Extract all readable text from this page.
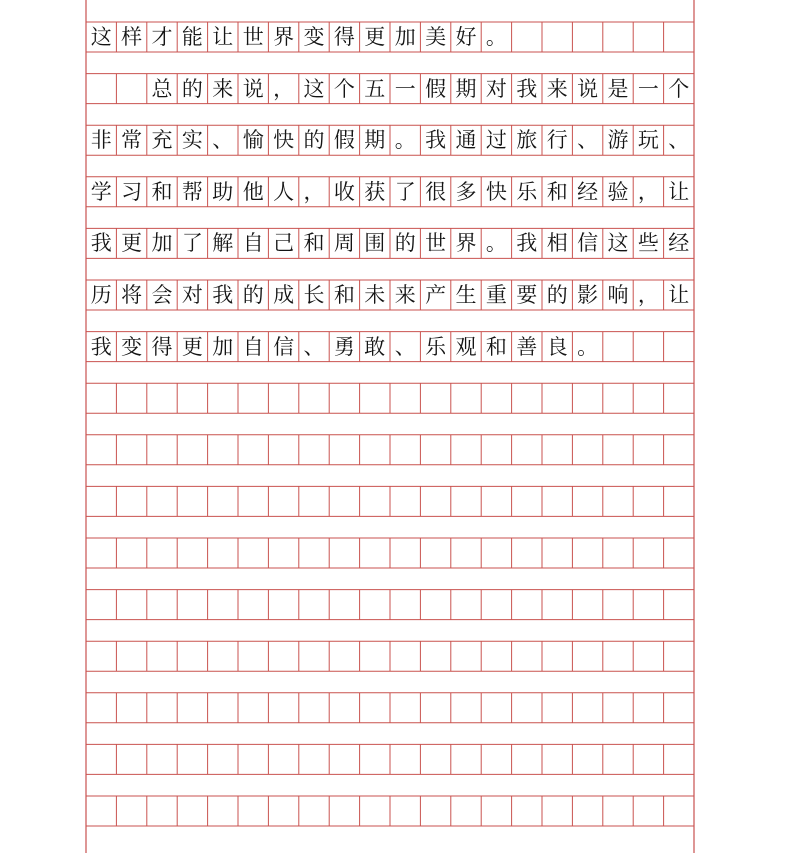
这 样 才 能 让 世 界 变 得 更 加 美 好 。
总 的 来 说 ， 这 个 五 一 假 期 对 我 来 说 是 一 个
非 常 充 实 、 愉 快 的 假 期 。 我 通 过 旅 行 、 游 玩 、
学 习 和 帮 助 他 人 ， 收 获 了 很 多 快 乐 和 经 验 ， 让
我 更 加 了 解 自 己 和 周 围 的 世 界 。 我 相 信 这 些 经
历 将 会 对 我 的 成 长 和 未 来 产 生 重 要 的 影 响 ， 让
我 变 得 更 加 自 信 、 勇 敢 、 乐 观 和 善 良 。
